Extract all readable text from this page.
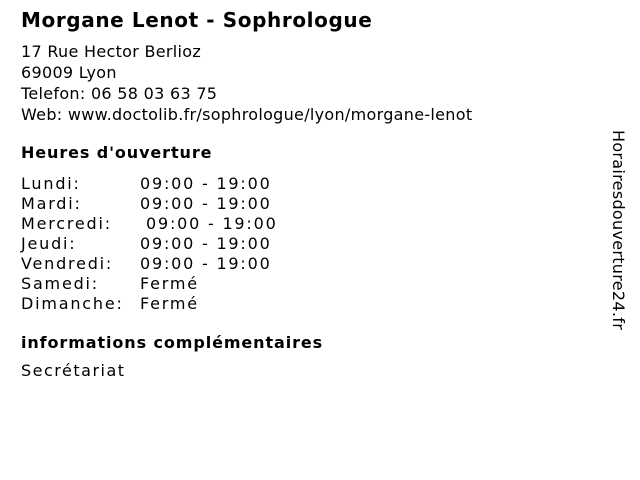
Morgane Lenot - Sophrologue
17 Rue Hector Berlioz
69009 Lyon
Telefon: 06 58 03 63 75
Web: www.doctolib.fr/sophrologue/lyon/morgane-lenot
Heures d'ouverture
Lundi:	09:00 - 19:00
Mardi:	09:00 - 19:00
Mercredi:	09:00 - 19:00
Jeudi:	09:00 - 19:00
Vendredi:	09:00 - 19:00
Samedi:	Fermé
Dimanche:	Fermé
informations complémentaires
Secrétariat
Horairesdouverture24.fr
